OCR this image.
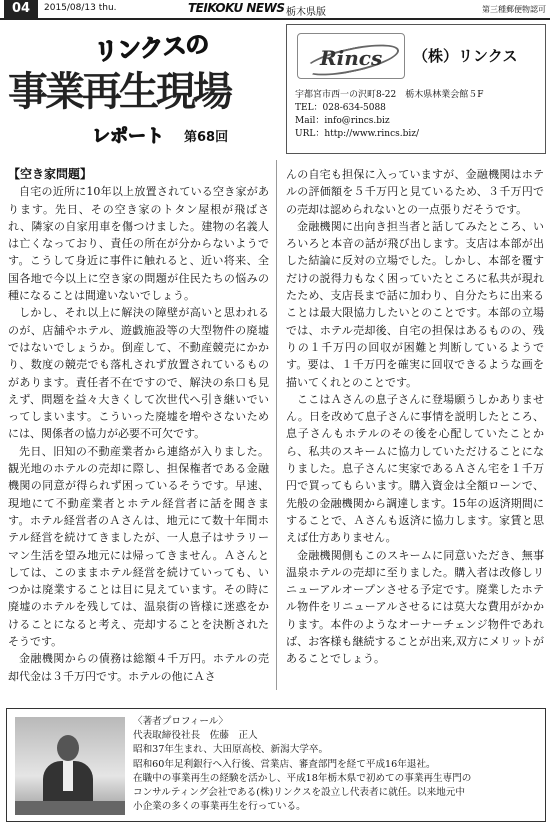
04	2015/08/13 thu.	TEIKOKU NEWS 栃木県版	第三種郵便物認可
リンクスの
事業再生現場
レポート 第68回
Rincs （株）リンクス
宇都宮市西一の沢町8-22　栃木県林業会館５F
TEL：028-634-5088
Mail：info@rincs.biz
URL：http://www.rincs.biz/

【空き家問題】

自宅の近所に10年以上放置されている空き家があります。先日、その空き家のトタン屋根が飛ばされ、隣家の自家用車を傷つけました。建物の名義人は亡くなっており、責任の所在が分からないようです。こうして身近に事件に触れると、近い将来、全国各地で今以上に空き家の問題が住民たちの悩みの種になることは間違いないでしょう。

しかし、それ以上に解決の障壁が高いと思われるのが、店舗やホテル、遊戯施設等の大型物件の廃墟ではないでしょうか。倒産して、不動産競売にかかり、数度の競売でも落札されず放置されているものがあります。責任者不在ですので、解決の糸口も見えず、問題を益々大きくして次世代へ引き継いでいってしまいます。こういった廃墟を増やさないためには、関係者の協力が必要不可欠です。

先日、旧知の不動産業者から連絡が入りました。観光地のホテルの売却に際し、担保権者である金融機関の同意が得られず困っているそうです。早速、現地にて不動産業者とホテル経営者に話を聞きます。ホテル経営者のＡさんは、地元にて数十年間ホテル経営を続けてきましたが、一人息子はサラリーマン生活を望み地元には帰ってきません。Ａさんとしては、このままホテル経営を続けていっても、いつかは廃業することは目に見えています。その時に廃墟のホテルを残しては、温泉街の皆様に迷惑をかけることになると考え、売却することを決断されたそうです。

金融機関からの債務は総額４千万円。ホテルの売却代金は３千万円です。ホテルの他にＡさ

んの自宅も担保に入っていますが、金融機関はホテルの評価額を５千万円と見ているため、３千万円での売却は認められないとの一点張りだそうです。

金融機関に出向き担当者と話してみたところ、いろいろと本音の話が飛び出します。支店は本部が出した結論に反対の立場でした。しかし、本部を覆すだけの説得力もなく困っていたところに私共が現れたため、支店長まで話に加わり、自分たちに出来ることは最大限協力したいとのことです。本部の立場では、ホテル売却後、自宅の担保はあるものの、残りの１千万円の回収が困難と判断しているようです。要は、１千万円を確実に回収できるような画を描いてくれとのことです。

ここはＡさんの息子さんに登場願うしかありません。日を改めて息子さんに事情を説明したところ、息子さんもホテルのその後を心配していたことから、私共のスキームに協力していただけることになりました。息子さんに実家であるＡさん宅を１千万円で買ってもらいます。購入資金は全額ローンで、先般の金融機関から調達します。15年の返済期間にすることで、Ａさんも返済に協力します。家賃と思えば仕方ありません。

金融機関側もこのスキームに同意いただき、無事温泉ホテルの売却に至りました。購入者は改修しリニューアルオープンさせる予定です。廃業したホテル物件をリニューアルさせるには莫大な費用がかかります。本件のようなオーナーチェンジ物件であれば、お客様も継続することが出来,双方にメリットがあることでしょう。

〈著者プロフィール〉
代表取締役社長　佐藤　正人
昭和37年生まれ、大田原高校、新潟大学卒。
昭和60年足利銀行へ入行後、営業店、審査部門を経て平成16年退社。
在職中の事業再生の経験を活かし、平成18年栃木県で初めての事業再生専門の
コンサルティング会社である(株)リンクスを設立し代表者に就任。以来地元中
小企業の多くの事業再生を行っている。
